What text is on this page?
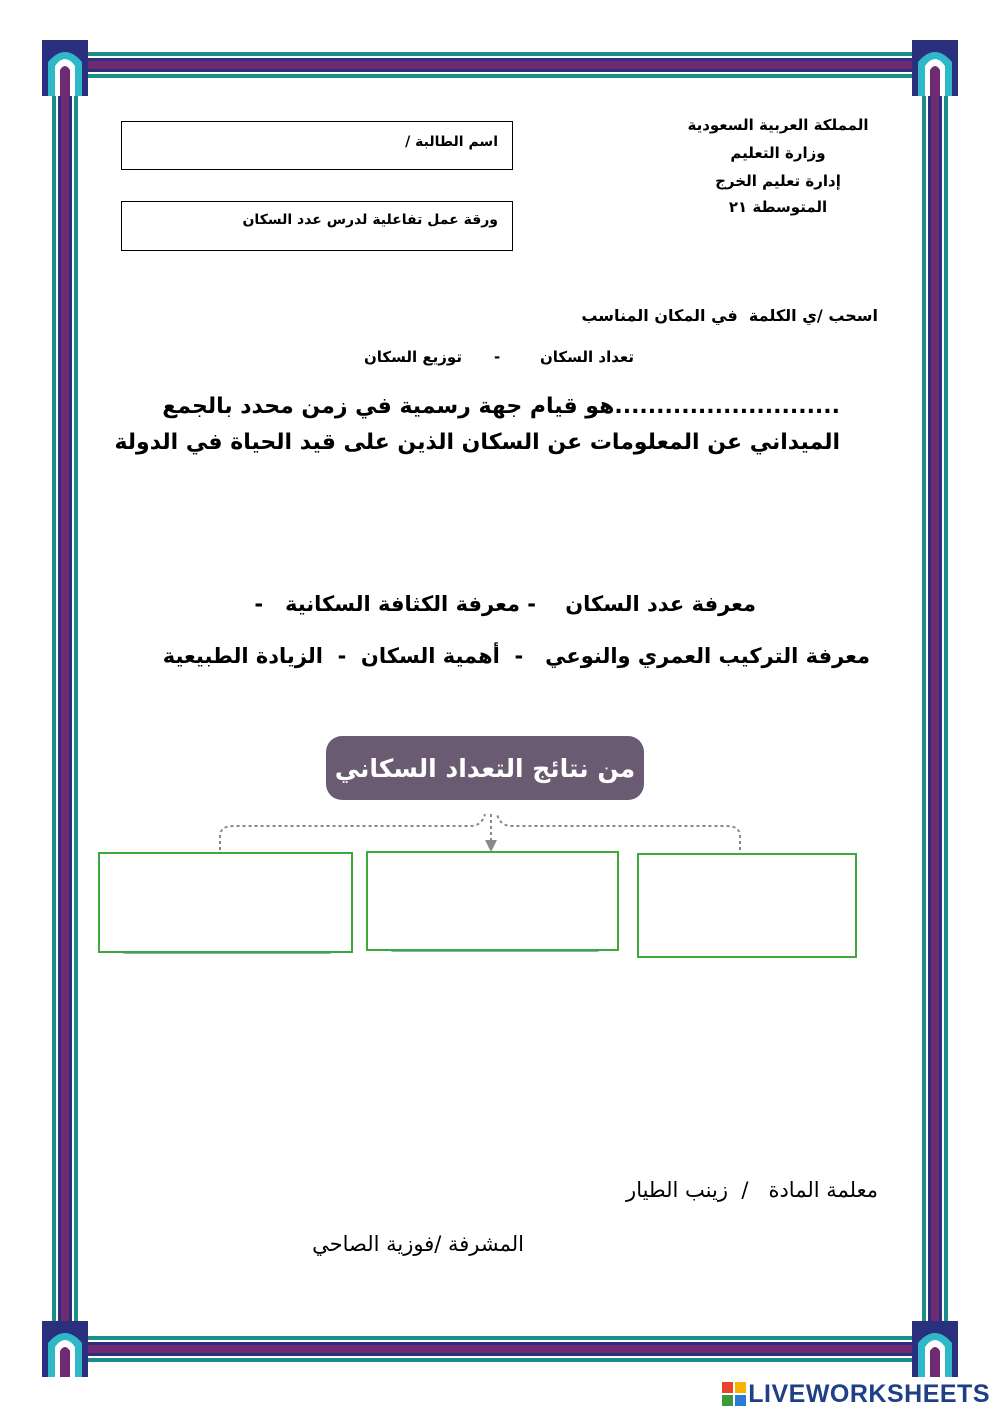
المملكة العربية السعودية
وزارة التعليم
إدارة تعليم الخرج
المتوسطة ٢١
اسم الطالبة /
ورقة عمل تفاعلية لدرس عدد السكان
اسحب /ي الكلمة  في المكان المناسب
تعداد السكان
-
توزيع السكان
...........................هو قيام جهة رسمية في زمن محدد بالجمع
الميداني عن المعلومات عن السكان الذين على قيد الحياة في الدولة
معرفة عدد السكان    - معرفة الكثافة السكانية   -
معرفة التركيب العمري والنوعي   -  أهمية السكان  -  الزيادة الطبيعية
من نتائج التعداد السكاني
معلمة المادة   /  زينب الطيار
المشرفة /فوزية الصاحي
LIVEWORKSHEETS
